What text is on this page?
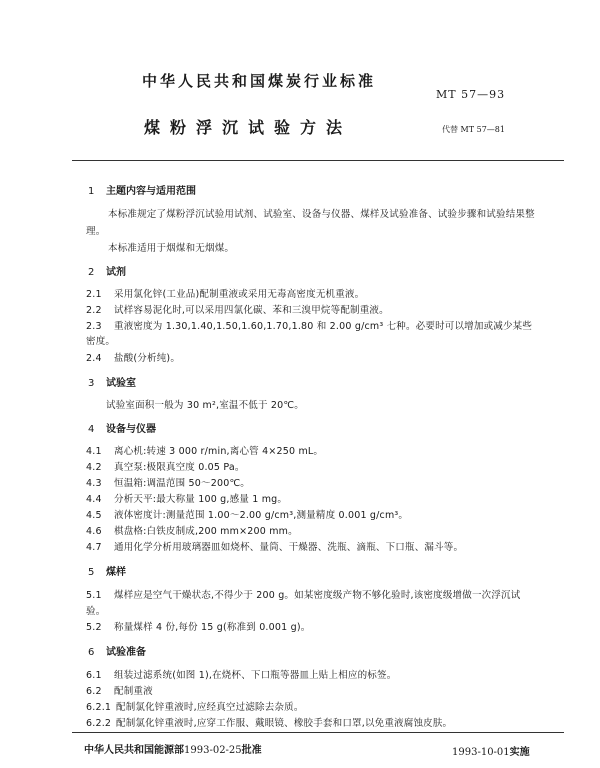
中华人民共和国煤炭行业标准
MT 57—93
煤粉浮沉试验方法	代替 MT 57—81
1 主题内容与适用范围
本标准规定了煤粉浮沉试验用试剂、试验室、设备与仪器、煤样及试验准备、试验步骤和试验结果整
理。
本标准适用于烟煤和无烟煤。
2 试剂
2.1 采用氯化锌(工业品)配制重液或采用无毒高密度无机重液。
2.2 试样容易泥化时,可以采用四氯化碳、苯和三溴甲烷等配制重液。
2.3 重液密度为 1.30,1.40,1.50,1.60,1.70,1.80 和 2.00 g/cm³ 七种。必要时可以增加或减少某些
密度。
2.4 盐酸(分析纯)。
3 试验室
试验室面积一般为 30 m²,室温不低于 20℃。
4 设备与仪器
4.1 离心机:转速 3 000 r/min,离心管 4×250 mL。
4.2 真空泵:极限真空度 0.05 Pa。
4.3 恒温箱:调温范围 50～200℃。
4.4 分析天平:最大称量 100 g,感量 1 mg。
4.5 液体密度计:测量范围 1.00～2.00 g/cm³,测量精度 0.001 g/cm³。
4.6 棋盘格:白铁皮制成,200 mm×200 mm。
4.7 通用化学分析用玻璃器皿如烧杯、量筒、干燥器、洗瓶、滴瓶、下口瓶、漏斗等。
5 煤样
5.1 煤样应是空气干燥状态,不得少于 200 g。如某密度级产物不够化验时,该密度级增做一次浮沉试
验。
5.2 称量煤样 4 份,每份 15 g(称准到 0.001 g)。
6 试验准备
6.1 组装过滤系统(如图 1),在烧杯、下口瓶等器皿上贴上相应的标签。
6.2 配制重液
6.2.1 配制氯化锌重液时,应经真空过滤除去杂质。
6.2.2 配制氯化锌重液时,应穿工作服、戴眼镜、橡胶手套和口罩,以免重液腐蚀皮肤。
中华人民共和国能源部1993-02-25批准	1993-10-01实施
